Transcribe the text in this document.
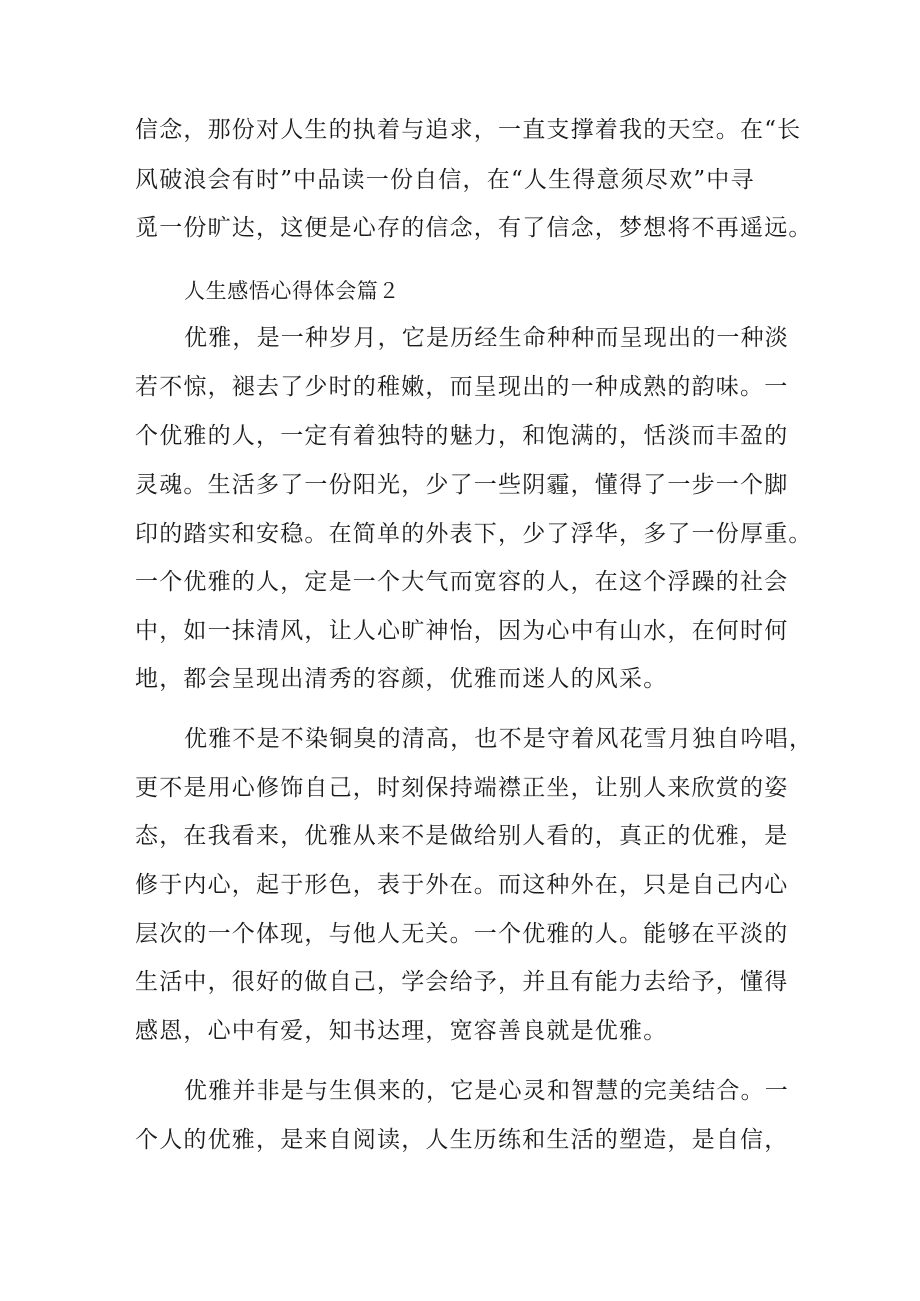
信念，那份对人生的执着与追求，一直支撑着我的天空。在“长

风破浪会有时”中品读一份自信，在“人生得意须尽欢”中寻

觅一份旷达，这便是心存的信念，有了信念，梦想将不再遥远。

人生感悟心得体会篇２

优雅，是一种岁月，它是历经生命种种而呈现出的一种淡

若不惊，褪去了少时的稚嫩，而呈现出的一种成熟的韵味。一

个优雅的人，一定有着独特的魅力，和饱满的，恬淡而丰盈的

灵魂。生活多了一份阳光，少了一些阴霾，懂得了一步一个脚

印的踏实和安稳。在简单的外表下，少了浮华，多了一份厚重。

一个优雅的人，定是一个大气而宽容的人，在这个浮躁的社会

中，如一抹清风，让人心旷神怡，因为心中有山水，在何时何

地，都会呈现出清秀的容颜，优雅而迷人的风采。

优雅不是不染铜臭的清高，也不是守着风花雪月独自吟唱，

更不是用心修饰自己，时刻保持端襟正坐，让别人来欣赏的姿

态，在我看来，优雅从来不是做给别人看的，真正的优雅，是

修于内心，起于形色，表于外在。而这种外在，只是自己内心

层次的一个体现，与他人无关。一个优雅的人。能够在平淡的

生活中，很好的做自己，学会给予，并且有能力去给予，懂得

感恩，心中有爱，知书达理，宽容善良就是优雅。

优雅并非是与生俱来的，它是心灵和智慧的完美结合。一

个人的优雅，是来自阅读，人生历练和生活的塑造，是自信，
